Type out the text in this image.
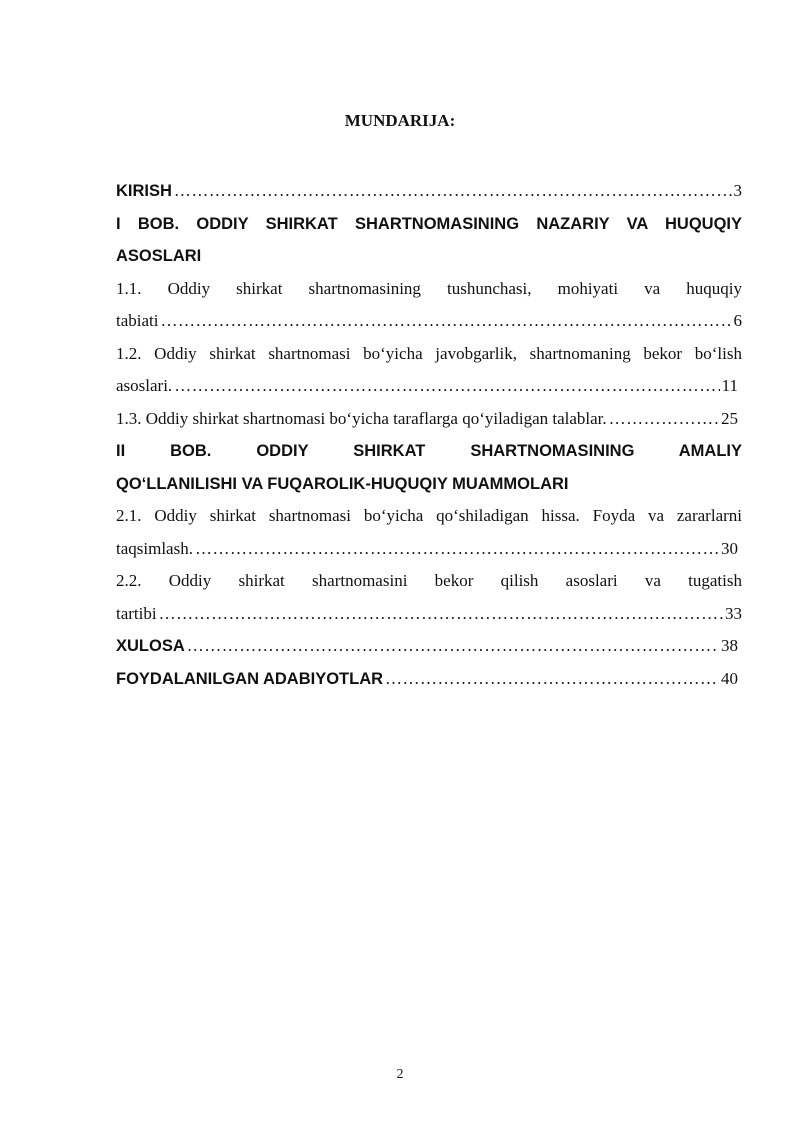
MUNDARIJA:
KIRISH ………………………………………………………………………………………………………………………………………………………………	3
I BOB. ODDIY SHIRKAT SHARTNOMASINING NAZARIY VA HUQUQIY
ASOSLARI
1.1. Oddiy shirkat shartnomasining tushunchasi, mohiyati va huquqiy
tabiati ………………………………………………………………………………………………………………………………………………………………	6
1.2. Oddiy shirkat shartnomasi bo‘yicha javobgarlik, shartnomaning bekor bo‘lish
asoslari. ………………………………………………………………………………………………………………………………………………………………	11
1.3. Oddiy shirkat shartnomasi bo‘yicha taraflarga qo‘yiladigan talablar. ………………………………………………………………………………………………………………………………………………………………	25
II BOB. ODDIY SHIRKAT SHARTNOMASINING AMALIY
QO‘LLANILISHI VA FUQAROLIK-HUQUQIY MUAMMOLARI
2.1. Oddiy shirkat shartnomasi bo‘yicha qo‘shiladigan hissa. Foyda va zararlarni
taqsimlash. ………………………………………………………………………………………………………………………………………………………………	30
2.2. Oddiy shirkat shartnomasini bekor qilish asoslari va tugatish
tartibi ………………………………………………………………………………………………………………………………………………………………	33
XULOSA ………………………………………………………………………………………………………………………………………………………………	38
FOYDALANILGAN ADABIYOTLAR ………………………………………………………………………………………………………………………………………………………………	40
2
